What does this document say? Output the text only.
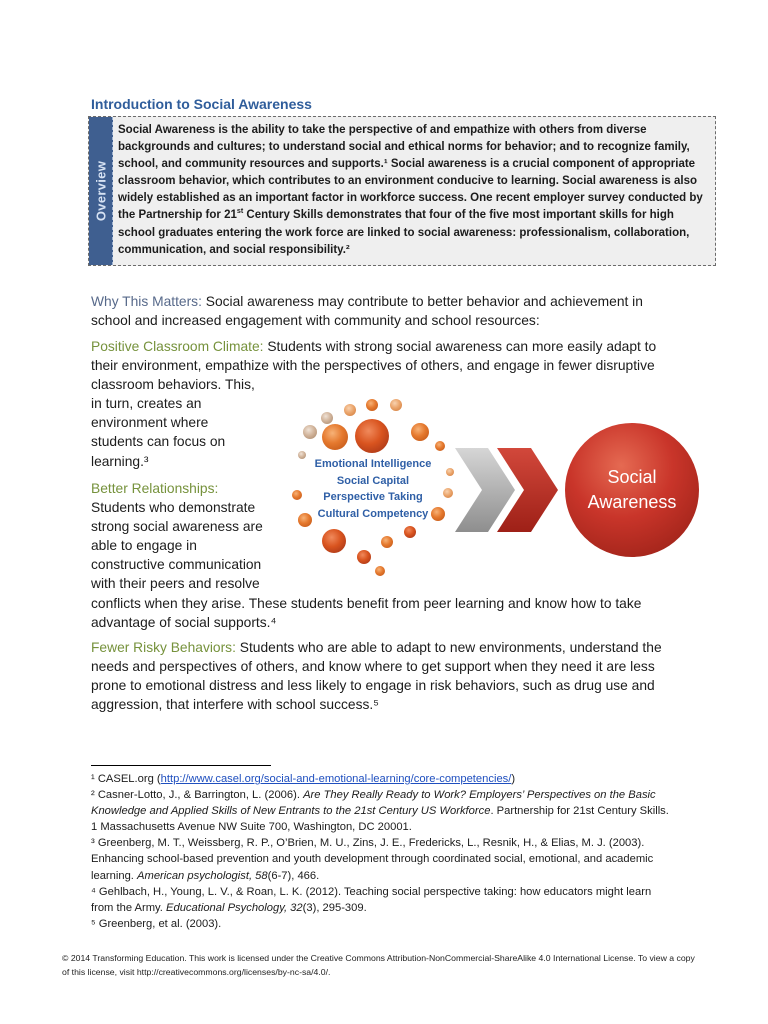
Introduction to Social Awareness
Overview
Social Awareness is the ability to take the perspective of and empathize with others from diverse
backgrounds and cultures; to understand social and ethical norms for behavior; and to recognize family,
school, and community resources and supports.¹ Social awareness is a crucial component of appropriate
classroom behavior, which contributes to an environment conducive to learning. Social awareness is also
widely established as an important factor in workforce success. One recent employer survey conducted by
the Partnership for 21st Century Skills demonstrates that four of the five most important skills for high
school graduates entering the work force are linked to social awareness: professionalism, collaboration,
communication, and social responsibility.²
Why This Matters: Social awareness may contribute to better behavior and achievement in
school and increased engagement with community and school resources:
Positive Classroom Climate: Students with strong social awareness can more easily adapt to
their environment, empathize with the perspectives of others, and engage in fewer disruptive
classroom behaviors. This,
in turn, creates an
environment where
students can focus on
learning.³
Better Relationships:
Students who demonstrate
strong social awareness are
able to engage in
constructive communication
with their peers and resolve
conflicts when they arise. These students benefit from peer learning and know how to take
advantage of social supports.⁴
Fewer Risky Behaviors: Students who are able to adapt to new environments, understand the
needs and perspectives of others, and know where to get support when they need it are less
prone to emotional distress and less likely to engage in risk behaviors, such as drug use and
aggression, that interfere with school success.⁵
Emotional Intelligence
Social Capital
Perspective Taking
Cultural Competency
Social
Awareness
¹ CASEL.org (http://www.casel.org/social-and-emotional-learning/core-competencies/)
² Casner-Lotto, J., & Barrington, L. (2006). Are They Really Ready to Work? Employers’ Perspectives on the Basic
Knowledge and Applied Skills of New Entrants to the 21st Century US Workforce. Partnership for 21st Century Skills.
1 Massachusetts Avenue NW Suite 700, Washington, DC 20001.
³ Greenberg, M. T., Weissberg, R. P., O’Brien, M. U., Zins, J. E., Fredericks, L., Resnik, H., & Elias, M. J. (2003).
Enhancing school-based prevention and youth development through coordinated social, emotional, and academic
learning. American psychologist, 58(6-7), 466.
⁴ Gehlbach, H., Young, L. V., & Roan, L. K. (2012). Teaching social perspective taking: how educators might learn
from the Army. Educational Psychology, 32(3), 295-309.
⁵ Greenberg, et al. (2003).
© 2014 Transforming Education. This work is licensed under the Creative Commons Attribution-NonCommercial-ShareAlike 4.0 International License. To view a copy
of this license, visit http://creativecommons.org/licenses/by-nc-sa/4.0/.
